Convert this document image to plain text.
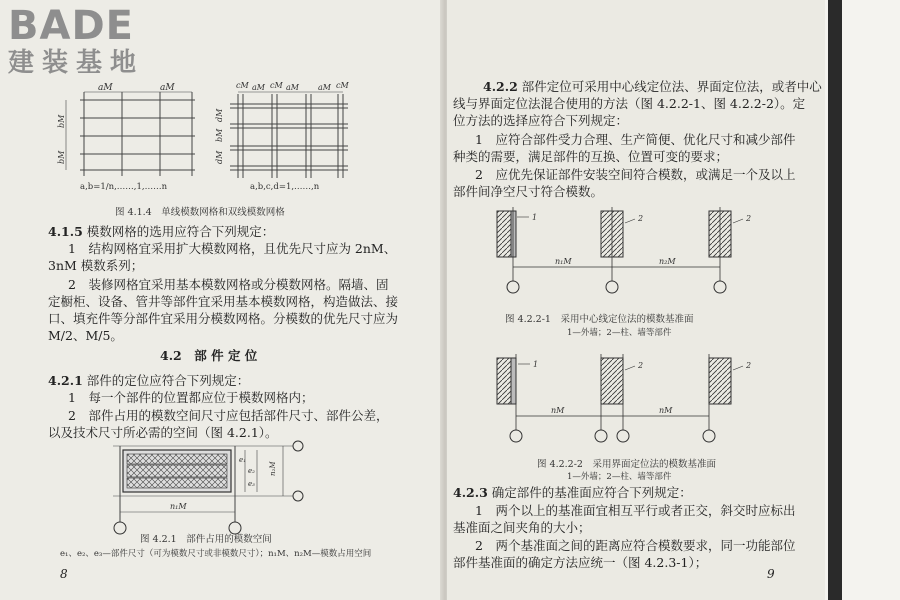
BADE
建装基地
aM	aM
bM
bM
a,b=1/n,……,1,……n
cM aM cM aM aM cM
dM
bM
dM
a,b,c,d=1,……,n
图 4.1.4　单线模数网格和双线模数网格
4.1.5 模数网格的选用应符合下列规定：
1　结构网格宜采用扩大模数网格，且优先尺寸应为 2nM、
3nM 模数系列；
2　装修网格宜采用基本模数网格或分模数网格。隔墙、固
定橱柜、设备、管井等部件宜采用基本模数网格，构造做法、接
口、填充件等分部件宜采用分模数网格。分模数的优先尺寸应为
M/2、M/5。
4.2　部 件 定 位
4.2.1 部件的定位应符合下列规定：
1　每一个部件的位置都应位于模数网格内；
2　部件占用的模数空间尺寸应包括部件尺寸、部件公差，
以及技术尺寸所必需的空间（图 4.2.1）。
e₁
e₂
e₃
n₂M
n₁M
图 4.2.1　部件占用的模数空间
e₁、e₂、e₃—部件尺寸（可为模数尺寸或非模数尺寸）；n₁M、n₂M—模数占用空间
8
4.2.2 部件定位可采用中心线定位法、界面定位法，或者中心
线与界面定位法混合使用的方法（图 4.2.2-1、图 4.2.2-2）。定
位方法的选择应符合下列规定：
1　应符合部件受力合理、生产简便、优化尺寸和减少部件
种类的需要，满足部件的互换、位置可变的要求；
2　应优先保证部件安装空间符合模数，或满足一个及以上
部件间净空尺寸符合模数。
1	2	2
n₁M	n₂M
图 4.2.2-1　采用中心线定位法的模数基准面
1—外墙；2—柱、墙等部件
1	2	2
nM	nM
图 4.2.2-2　采用界面定位法的模数基准面
1—外墙；2—柱、墙等部件
4.2.3 确定部件的基准面应符合下列规定：
1　两个以上的基准面宜相互平行或者正交，斜交时应标出
基准面之间夹角的大小；
2　两个基准面之间的距离应符合模数要求，同一功能部位
部件基准面的确定方法应统一（图 4.2.3-1）；
9
